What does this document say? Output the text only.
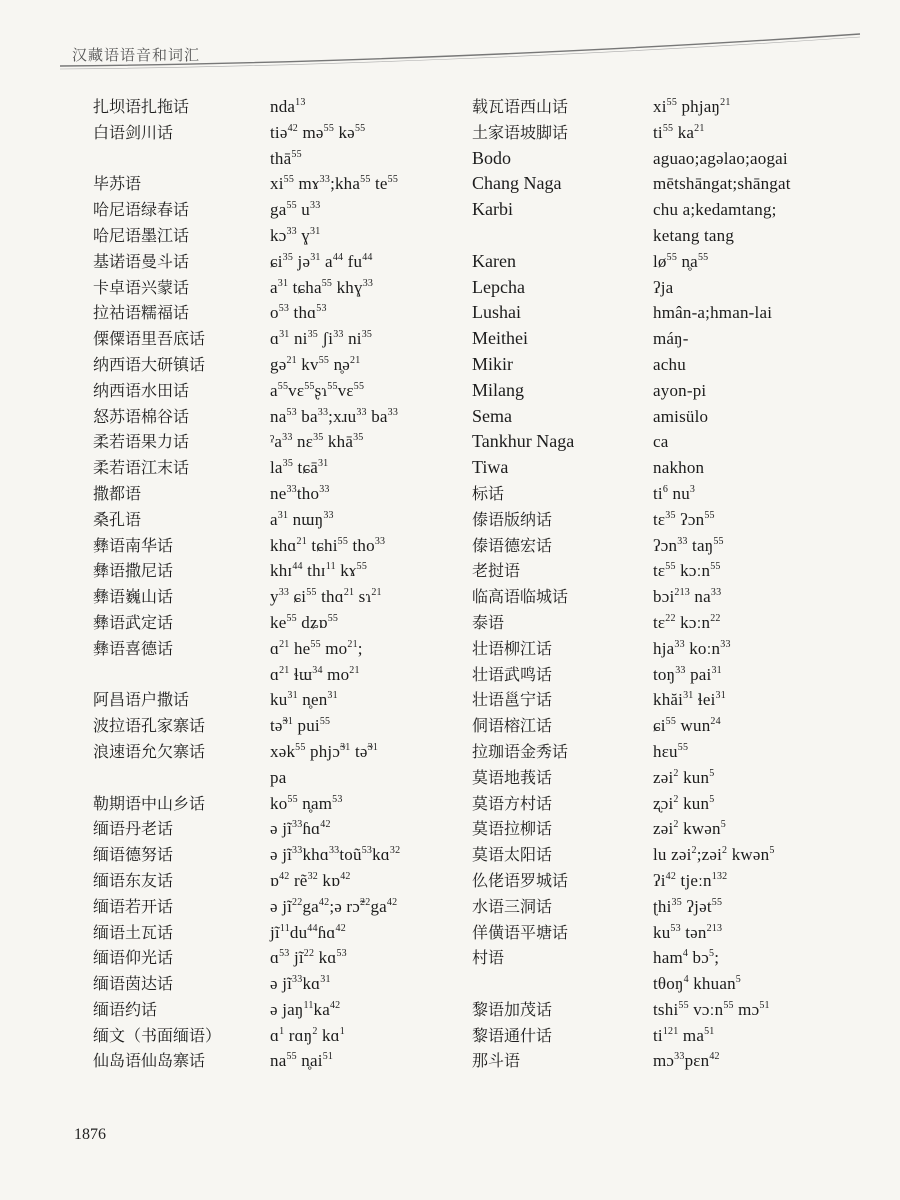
汉藏语语音和词汇
扎坝语扎拖话
白语剑川话
毕苏语
哈尼语绿春话
哈尼语墨江话
基诺语曼斗话
卡卓语兴蒙话
拉祜语糯福话
傈僳语里吾底话
纳西语大研镇话
纳西语水田话
怒苏语棉谷话
柔若语果力话
柔若语江末话
撒都语
桑孔语
彝语南华话
彝语撒尼话
彝语巍山话
彝语武定话
彝语喜德话
阿昌语户撒话
波拉语孔家寨话
浪速语允欠寨话
勒期语中山乡话
缅语丹老话
缅语德努话
缅语东友话
缅语若开话
缅语土瓦话
缅语仰光话
缅语茵达话
缅语约话
缅文（书面缅语）
仙岛语仙岛寨话
nda$^{13}$
tiə$^{42}$ mə$^{55}$ kə$^{55}$
thā$^{55}$
$xi^{55}$ mɤ$^{33}$;kha$^{55}$ $te^{55}$
$ga^{55}$ $u^{33}$
kɔ$^{33}$ ɣ$^{31}$
ɕi$^{35}$ jə$^{31}$ $a^{44}$ $fu^{44}$
$a^{31}$ tɕha$^{55}$ khɣ$^{33}$
$o^{53}$ thɑ$^{53}$
ɑ$^{31}$ $ni^{35}$ ʃi$^{33}$ $ni^{35}$
gə$^{21}$ $kv^{55}$ n̥ə$^{21}$
$a^{55}vɛ^{55}ʂɿ^{55}vɛ^{55}$
$na^{53}$ $ba^{33};xɹu^{33}$ $ba^{33}$
ˀa$^{33}$ nɛ$^{35}$ khā$^{35}$
$la^{35}$ tɕā$^{31}$
$ne^{33}tho^{33}$
$a^{31}$ nɯŋ$^{33}$
khɑ$^{21}$ tɕhi$^{55}$ tho$^{33}$
khɪ$^{44}$ thɪ$^{11}$ kɤ$^{55}$
$y^{33}$ ɕi$^{55}$ thɑ$^{21}$ sɿ$^{21}$
$ke^{55}$ dʑɒ$^{55}$
ɑ$^{21}$ $he^{55}$ $mo^{21}$;
ɑ$^{21}$ ɬɯ$^{34}$ $mo^{21}$
$ku^{31}$ $n̥en^{31}$
tə̃$^{31}$ pui$^{55}$
xək$^{55}$ phjɔ̃$^{31}$ tə̃$^{31}$
pa
$ko^{55}$ $n̥am^{53}$
ə $jĩ^{33}ɦɑ^{42}$
ə $jĩ^{33}khɑ^{33}toũ^{53}kɑ^{32}$
ɒ$^{42}$ rẽ$^{32}$ kɒ$^{42}$
ə $jĩ^{22}ga^{42};ə$ $rɔ̃^{22}ga^{42}$
$jĩ^{11}du^{44}ɦɑ^{42}$
ɑ$^{53}$ $jĩ^{22}$ kɑ$^{53}$
ə $jĩ^{33}kɑ^{31}$
ə $jaŋ^{11}ka^{42}$
ɑ$^1$ rɑŋ$^2$ kɑ$^1$
$na^{55}$ $n̥ai^{51}$
载瓦语西山话
土家语坡脚话
Bodo
Chang Naga
Karbi
Karen
Lepcha
Lushai
Meithei
Mikir
Milang
Sema
Tankhur Naga
Tiwa
标话
傣语版纳话
傣语德宏话
老挝语
临高语临城话
泰语
壮语柳江话
壮语武鸣话
壮语邕宁话
侗语榕江话
拉珈语金秀话
莫语地莪话
莫语方村话
莫语拉柳话
莫语太阳话
仫佬语罗城话
水语三洞话
佯僙语平塘话
村语
黎语加茂话
黎语通什话
那斗语
$xi^{55}$ phjaŋ$^{21}$
$ti^{55}$ $ka^{21}$
aguao;agəlao;aogai
mētshāngat;shāngat
chu a;kedamtang;
ketang tang
$lø^{55}$ $n̥a^{55}$
ʔja
hmân-a;hman-lai
máŋ-
achu
ayon-pi
amisülo
ca
nakhon
$ti^6$ $nu^3$
tɛ$^{35}$ ʔɔn$^{55}$
ʔɔn$^{33}$ taŋ$^{55}$
tɛ$^{55}$ kɔːn$^{55}$
bɔi$^{213}$ $na^{33}$
tɛ$^{22}$ kɔːn$^{22}$
hja$^{33}$ koːn$^{33}$
toŋ$^{33}$ pai$^{31}$
khăi$^{31}$ ɬei$^{31}$
ɕi$^{55}$ wun$^{24}$
hɛu$^{55}$
zəi$^2$ kun$^5$
ʐɔi$^2$ kun$^5$
zəi$^2$ kwən$^5$
lu zəi$^2$;zəi$^2$ kwən$^5$
ʔi$^{42}$ tjeːn$^{132}$
ʈhi$^{35}$ ʔjət$^{55}$
$ku^{53}$ tən$^{213}$
ham$^4$ bɔ$^5$;
tθoŋ$^4$ khuan$^5$
tshi$^{55}$ vɔːn$^{55}$ mɔ$^{51}$
$ti^{121}$ $ma^{51}$
mɔ$^{33}$pɛn$^{42}$
1876
